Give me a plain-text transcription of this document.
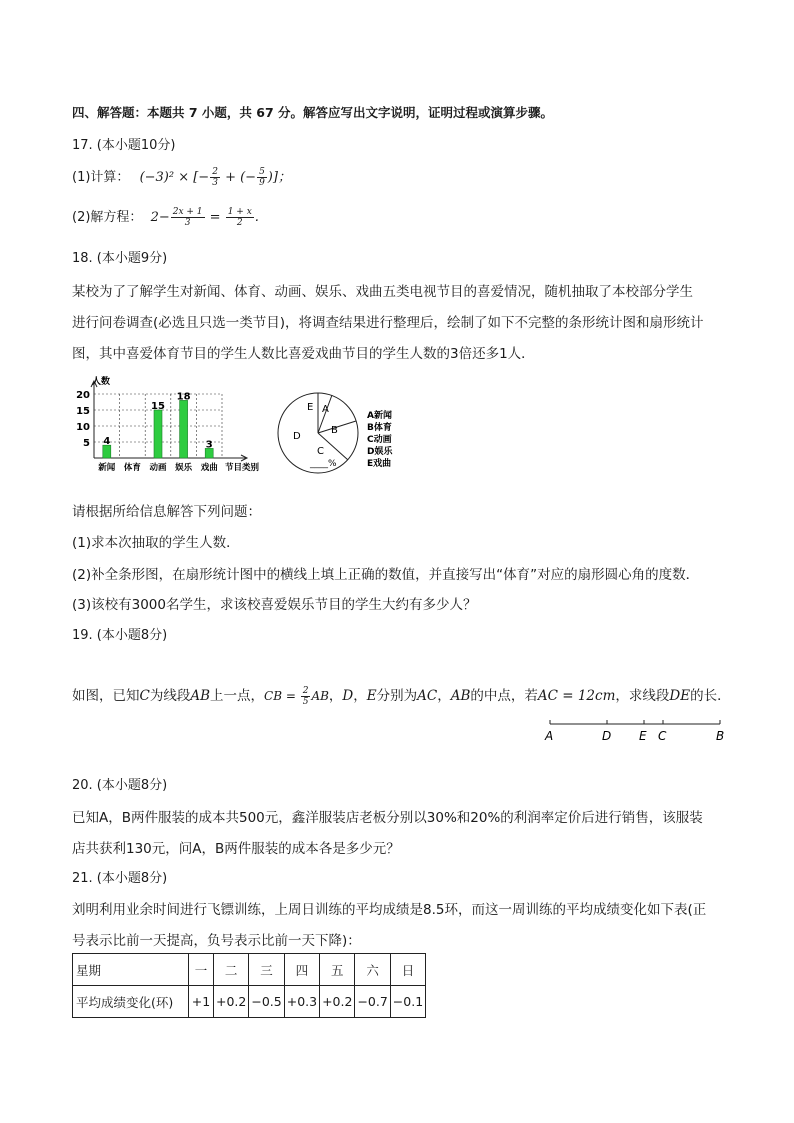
四、解答题：本题共 7 小题，共 67 分。解答应写出文字说明，证明过程或演算步骤。
17. (本小题10分)
(1)计算： (−3)² × [− $\frac{2}{3}$ + (− $\frac{5}{9}$ )]；
(2)解方程： $2- \frac{2x + 1}{3} = \frac{1 + x}{2}$ .
18. (本小题9分)
某校为了了解学生对新闻、体育、动画、娱乐、戏曲五类电视节目的喜爱情况，随机抽取了本校部分学生
进行问卷调查(必选且只选一类节目)，将调查结果进行整理后，绘制了如下不完整的条形统计图和扇形统计
图，其中喜爱体育节目的学生人数比喜爱戏曲节目的学生人数的3倍还多1人．
5
10
15
20
人数
4
新闻 体育
15
动画
18
娱乐
3
戏曲 节目类别
E A
B
C
D
____%
A新闻
B体育
C动画
D娱乐
E戏曲
请根据所给信息解答下列问题：
(1)求本次抽取的学生人数．
(2)补全条形图，在扇形统计图中的横线上填上正确的数值，并直接写出“体育”对应的扇形圆心角的度数．
(3)该校有3000名学生，求该校喜爱娱乐节目的学生大约有多少人？
19. (本小题8分)
如图，已知C为线段AB上一点，CB = $\frac{2}{5}$ AB，D，E分别为AC，AB的中点，若AC = 12cm，求线段DE的长．
A	D E C	B
20. (本小题8分)
已知A，B两件服装的成本共500元，鑫洋服装店老板分别以30%和20%的利润率定价后进行销售，该服装
店共获利130元，问A，B两件服装的成本各是多少元？
21. (本小题8分)
刘明利用业余时间进行飞镖训练，上周日训练的平均成绩是8.5环，而这一周训练的平均成绩变化如下表(正
号表示比前一天提高，负号表示比前一天下降)：
星期	一	二	三	四	五	六	日
平均成绩变化(环)	+1	+0.2	−0.5	+0.3	+0.2	−0.7	−0.1
